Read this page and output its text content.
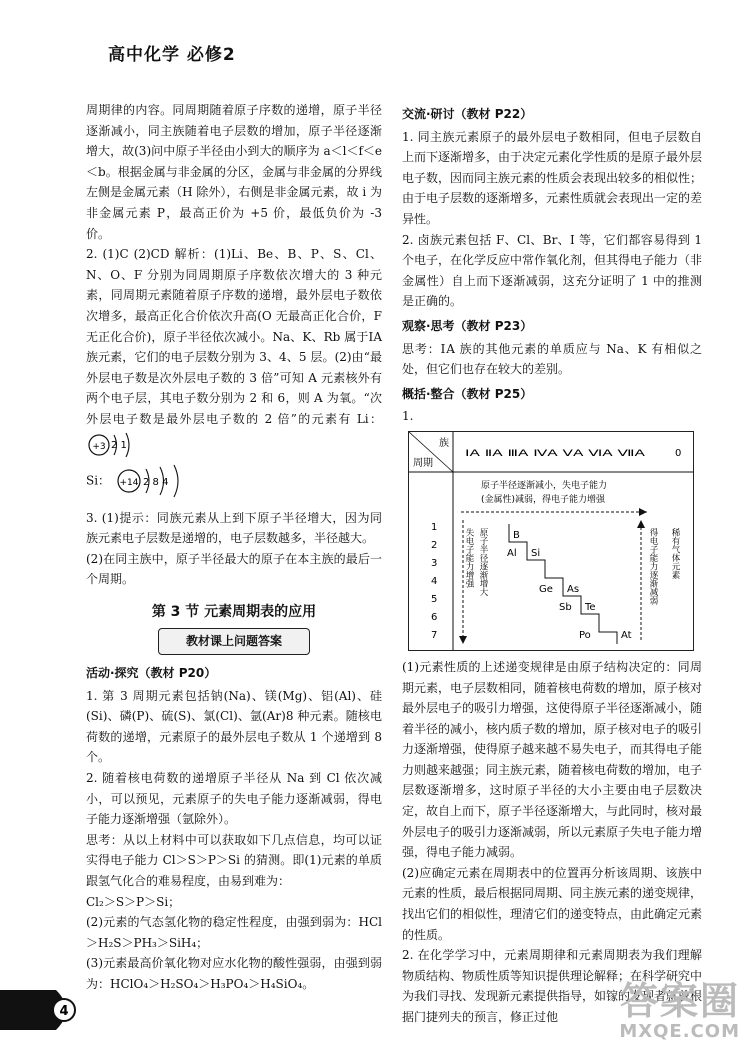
高中化学 必修2

周期律的内容。同周期随着原子序数的递增，原子半径逐渐减小，同主族随着电子层数的增加，原子半径逐渐增大，故(3)问中原子半径由小到大的顺序为 a＜l＜f＜e＜b。根据金属与非金属的分区，金属与非金属的分界线左侧是金属元素（H 除外），右侧是非金属元素，故 i 为非金属元素 P，最高正价为 +5 价，最低负价为 -3 价。

2. (1)C (2)CD 解析：(1)Li、Be、B、P、S、Cl、N、O、F 分别为同周期原子序数依次增大的 3 种元素，同周期元素随着原子序数的递增，最外层电子数依次增多，最高正化合价依次升高(O 无最高正化合价，F 无正化合价)，原子半径依次减小。Na、K、Rb 属于ⅠA 族元素，它们的电子层数分别为 3、4、5 层。(2)由“最外层电子数是次外层电子数的 3 倍”可知 A 元素核外有两个电子层，其电子数分别为 2 和 6，则 A 为氧。“次外层电子数是最外层电子数的 2 倍”的元素有 Li：
+3 2 1

Si： +14 2 8 4

3. (1)提示：同族元素从上到下原子半径增大，因为同族元素电子层数是递增的，电子层数越多，半径越大。

(2)在同主族中，原子半径最大的原子在本主族的最后一个周期。

第 3 节 元素周期表的应用
教材课上问题答案
活动·探究（教材 P20）

1. 第 3 周期元素包括钠(Na)、镁(Mg)、铝(Al)、硅(Si)、磷(P)、硫(S)、氯(Cl)、氩(Ar)8 种元素。随核电荷数的递增，元素原子的最外层电子数从 1 个递增到 8 个。

2. 随着核电荷数的递增原子半径从 Na 到 Cl 依次减小，可以预见，元素原子的失电子能力逐渐减弱，得电子能力逐渐增强（氩除外）。

思考：从以上材料中可以获取如下几点信息，均可以证实得电子能力 Cl＞S＞P＞Si 的猜测。即(1)元素的单质跟氢气化合的难易程度，由易到难为：

Cl₂＞S＞P＞Si；

(2)元素的气态氢化物的稳定性程度，由强到弱为：HCl＞H₂S＞PH₃＞SiH₄；

(3)元素最高价氧化物对应水化物的酸性强弱，由强到弱为：HClO₄＞H₂SO₄＞H₃PO₄＞H₄SiO₄。

交流·研讨（教材 P22）

1. 同主族元素原子的最外层电子数相同，但电子层数自上而下逐渐增多，由于决定元素化学性质的是原子最外层电子数，因而同主族元素的性质会表现出较多的相似性；由于电子层数的逐渐增多，元素性质就会表现出一定的差异性。

2. 卤族元素包括 F、Cl、Br、I 等，它们都容易得到 1 个电子，在化学反应中常作氧化剂，但其得电子能力（非金属性）自上而下逐渐减弱，这充分证明了 1 中的推测是正确的。

观察·思考（教材 P23）

思考：ⅠA 族的其他元素的单质应与 Na、K 有相似之处，但它们也存在较大的差别。

概括·整合（教材 P25）
1.
族
周期
ⅠA ⅡA ⅢA ⅣA ⅤA ⅥA ⅦA	0
原子半径逐渐减小，失电子能力
(金属性)减弱，得电子能力增强
1
2
3
4
5
6
7
失电子能力增强 原子半径逐渐增大	得电子能力逐渐减弱 稀有气体元素
B
Al Si
Ge As
Sb Te
Po	At

(1)元素性质的上述递变规律是由原子结构决定的：同周期元素，电子层数相同，随着核电荷数的增加，原子核对最外层电子的吸引力增强，这使得原子半径逐渐减小，随着半径的减小，核内质子数的增加，原子核对电子的吸引力逐渐增强，使得原子越来越不易失电子，而其得电子能力则越来越强；同主族元素，随着核电荷数的增加，电子层数逐渐增多，这时原子半径的大小主要由电子层数决定，故自上而下，原子半径逐渐增大，与此同时，核对最外层电子的吸引力逐渐减弱，所以元素原子失电子能力增强，得电子能力减弱。

(2)应确定元素在周期表中的位置再分析该周期、该族中元素的性质，最后根据同周期、同主族元素的递变规律，找出它们的相似性，理清它们的递变特点，由此确定元素的性质。

2. 在化学学习中，元素周期律和元素周期表为我们理解物质结构、物质性质等知识提供理论解释；在科学研究中为我们寻找、发现新元素提供指导，如镓的发现者就曾根据门捷列夫的预言，修正过他

4	答案圈
MXQE.COM
